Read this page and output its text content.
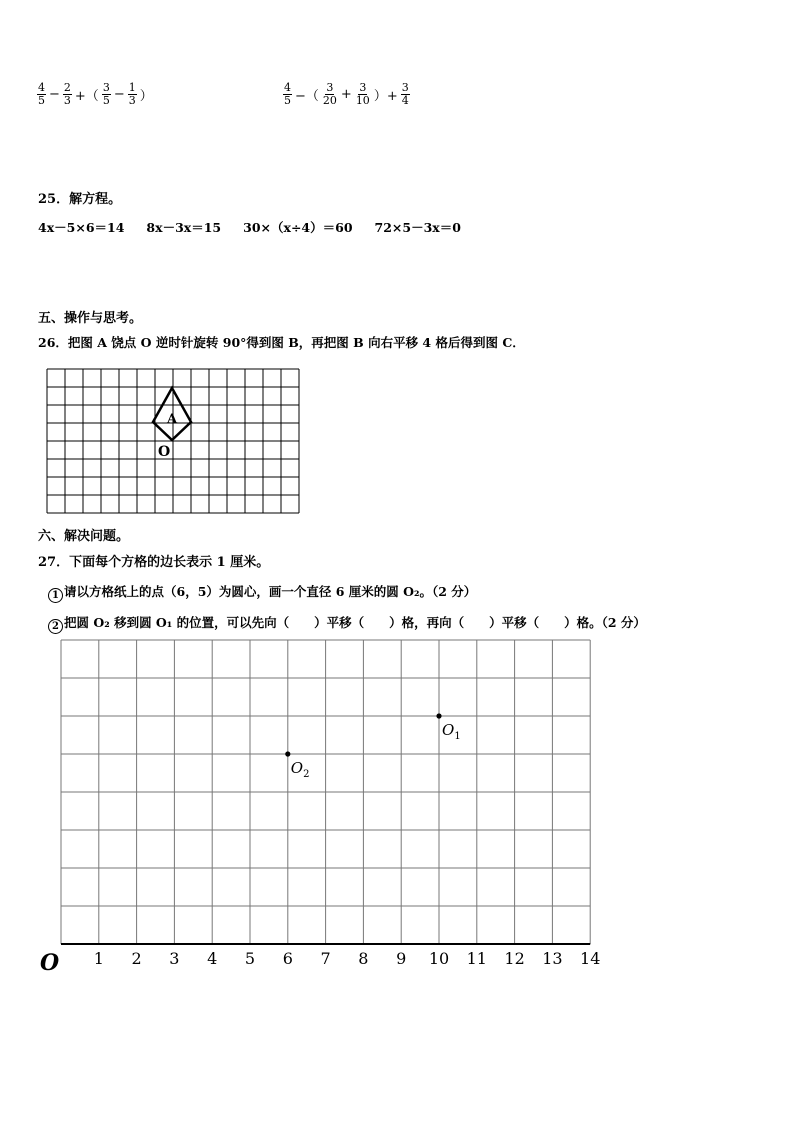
$\frac{4}{5} - \frac{2}{3}$ +（ $\frac{3}{5} - \frac{1}{3}$ ）	$\frac{4}{5}$ −（ $\frac{3}{20} + \frac{3}{10}$ ）+ $\frac{3}{4}$
25．解方程。
4x－5×6＝14 8x－3x＝15 30×（x÷4）＝60 72×5－3x＝0
五、操作与思考。
26．把图 A 饶点 O 逆时针旋转 90°得到图 B，再把图 B 向右平移 4 格后得到图 C．
A
O
六、解决问题。
27．下面每个方格的边长表示 1 厘米。
1 请以方格纸上的点（6，5）为圆心，画一个直径 6 厘米的圆 O₂。（2 分）
2 把圆 O₂ 移到圆 O₁ 的位置，可以先向（　　）平移（　　）格，再向（　　）平移（　　）格。（2 分）
O 1 2 3 4 5 6 7 8 9 10 11 12 13 14
$O_1$
$O_2$
